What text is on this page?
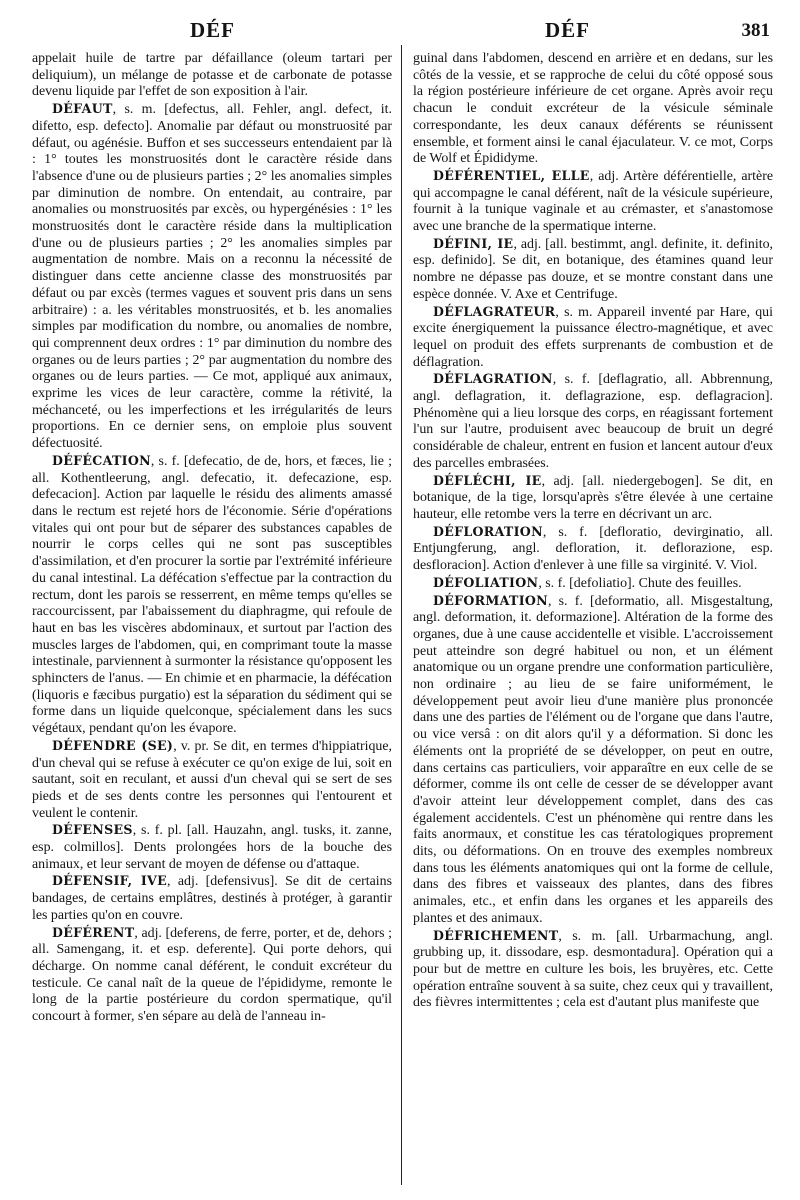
DÉF	DÉF	381

appelait huile de tartre par défaillance (oleum tartari per deliquium), un mélange de potasse et de carbonate de potasse devenu liquide par l'effet de son exposition à l'air.

DÉFAUT, s. m. [defectus, all. Fehler, angl. defect, it. difetto, esp. defecto]. Anomalie par défaut ou monstruosité par défaut, ou agénésie. Buffon et ses successeurs entendaient par là : 1° toutes les monstruosités dont le caractère réside dans l'absence d'une ou de plusieurs parties ; 2° les anomalies simples par diminution de nombre. On entendait, au contraire, par anomalies ou monstruosités par excès, ou hypergénésies : 1° les monstruosités dont le caractère réside dans la multiplication d'une ou de plusieurs parties ; 2° les anomalies simples par augmentation de nombre. Mais on a reconnu la nécessité de distinguer dans cette ancienne classe des monstruosités par défaut ou par excès (termes vagues et souvent pris dans un sens arbitraire) : a. les véritables monstruosités, et b. les anomalies simples par modification du nombre, ou anomalies de nombre, qui comprennent deux ordres : 1° par diminution du nombre des organes ou de leurs parties ; 2° par augmentation du nombre des organes ou de leurs parties. — Ce mot, appliqué aux animaux, exprime les vices de leur caractère, comme la rétivité, la méchanceté, ou les imperfections et les irrégularités de leurs proportions. En ce dernier sens, on emploie plus souvent défectuosité.

DÉFÉCATION, s. f. [defecatio, de de, hors, et fæces, lie ; all. Kothentleerung, angl. defecatio, it. defecazione, esp. defecacion]. Action par laquelle le résidu des aliments amassé dans le rectum est rejeté hors de l'économie. Série d'opérations vitales qui ont pour but de séparer des substances capables de nourrir le corps celles qui ne sont pas susceptibles d'assimilation, et d'en procurer la sortie par l'extrémité inférieure du canal intestinal. La défécation s'effectue par la contraction du rectum, dont les parois se resserrent, en même temps qu'elles se raccourcissent, par l'abaissement du diaphragme, qui refoule de haut en bas les viscères abdominaux, et surtout par l'action des muscles larges de l'abdomen, qui, en comprimant toute la masse intestinale, parviennent à surmonter la résistance qu'opposent les sphincters de l'anus. — En chimie et en pharmacie, la défécation (liquoris e fæcibus purgatio) est la séparation du sédiment qui se forme dans un liquide quelconque, spécialement dans les sucs végétaux, pendant qu'on les évapore.

DÉFENDRE (SE), v. pr. Se dit, en termes d'hippiatrique, d'un cheval qui se refuse à exécuter ce qu'on exige de lui, soit en sautant, soit en reculant, et aussi d'un cheval qui se sert de ses pieds et de ses dents contre les personnes qui l'entourent et veulent le contenir.

DÉFENSES, s. f. pl. [all. Hauzahn, angl. tusks, it. zanne, esp. colmillos]. Dents prolongées hors de la bouche des animaux, et leur servant de moyen de défense ou d'attaque.

DÉFENSIF, IVE, adj. [defensivus]. Se dit de certains bandages, de certains emplâtres, destinés à protéger, à garantir les parties qu'on en couvre.

DÉFÉRENT, adj. [deferens, de ferre, porter, et de, dehors ; all. Samengang, it. et esp. deferente]. Qui porte dehors, qui décharge. On nomme canal déférent, le conduit excréteur du testicule. Ce canal naît de la queue de l'épididyme, remonte le long de la partie postérieure du cordon spermatique, qu'il concourt à former, s'en sépare au delà de l'anneau in-

guinal dans l'abdomen, descend en arrière et en dedans, sur les côtés de la vessie, et se rapproche de celui du côté opposé sous la région postérieure inférieure de cet organe. Après avoir reçu chacun le conduit excréteur de la vésicule séminale correspondante, les deux canaux déférents se réunissent ensemble, et forment ainsi le canal éjaculateur. V. ce mot, Corps de Wolf et Épididyme.

DÉFÉRENTIEL, ELLE, adj. Artère déférentielle, artère qui accompagne le canal déférent, naît de la vésicule supérieure, fournit à la tunique vaginale et au crémaster, et s'anastomose avec une branche de la spermatique interne.

DÉFINI, IE, adj. [all. bestimmt, angl. definite, it. definito, esp. definido]. Se dit, en botanique, des étamines quand leur nombre ne dépasse pas douze, et se montre constant dans une espèce donnée. V. Axe et Centrifuge.

DÉFLAGRATEUR, s. m. Appareil inventé par Hare, qui excite énergiquement la puissance électro-magnétique, et avec lequel on produit des effets surprenants de combustion et de déflagration.

DÉFLAGRATION, s. f. [deflagratio, all. Abbrennung, angl. deflagration, it. deflagrazione, esp. deflagracion]. Phénomène qui a lieu lorsque des corps, en réagissant fortement l'un sur l'autre, produisent avec beaucoup de bruit un degré considérable de chaleur, entrent en fusion et lancent autour d'eux des parcelles embrasées.

DÉFLÉCHI, IE, adj. [all. niedergebogen]. Se dit, en botanique, de la tige, lorsqu'après s'être élevée à une certaine hauteur, elle retombe vers la terre en décrivant un arc.

DÉFLORATION, s. f. [defloratio, devirginatio, all. Entjungferung, angl. defloration, it. deflorazione, esp. desfloracion]. Action d'enlever à une fille sa virginité. V. Viol.

DÉFOLIATION, s. f. [defoliatio]. Chute des feuilles.

DÉFORMATION, s. f. [deformatio, all. Misgestaltung, angl. deformation, it. deformazione]. Altération de la forme des organes, due à une cause accidentelle et visible. L'accroissement peut atteindre son degré habituel ou non, et un élément anatomique ou un organe prendre une conformation particulière, non ordinaire ; au lieu de se faire uniformément, le développement peut avoir lieu d'une manière plus prononcée dans une des parties de l'élément ou de l'organe que dans l'autre, ou vice versâ : on dit alors qu'il y a déformation. Si donc les éléments ont la propriété de se développer, on peut en outre, dans certains cas particuliers, voir apparaître en eux celle de se déformer, comme ils ont celle de cesser de se développer avant d'avoir atteint leur développement complet, dans des cas également accidentels. C'est un phénomène qui rentre dans les faits anormaux, et constitue les cas tératologiques proprement dits, ou déformations. On en trouve des exemples nombreux dans tous les éléments anatomiques qui ont la forme de cellule, dans des fibres et vaisseaux des plantes, dans des fibres animales, etc., et enfin dans les organes et les appareils des plantes et des animaux.

DÉFRICHEMENT, s. m. [all. Urbarmachung, angl. grubbing up, it. dissodare, esp. desmontadura]. Opération qui a pour but de mettre en culture les bois, les bruyères, etc. Cette opération entraîne souvent à sa suite, chez ceux qui y travaillent, des fièvres intermittentes ; cela est d'autant plus manifeste que
